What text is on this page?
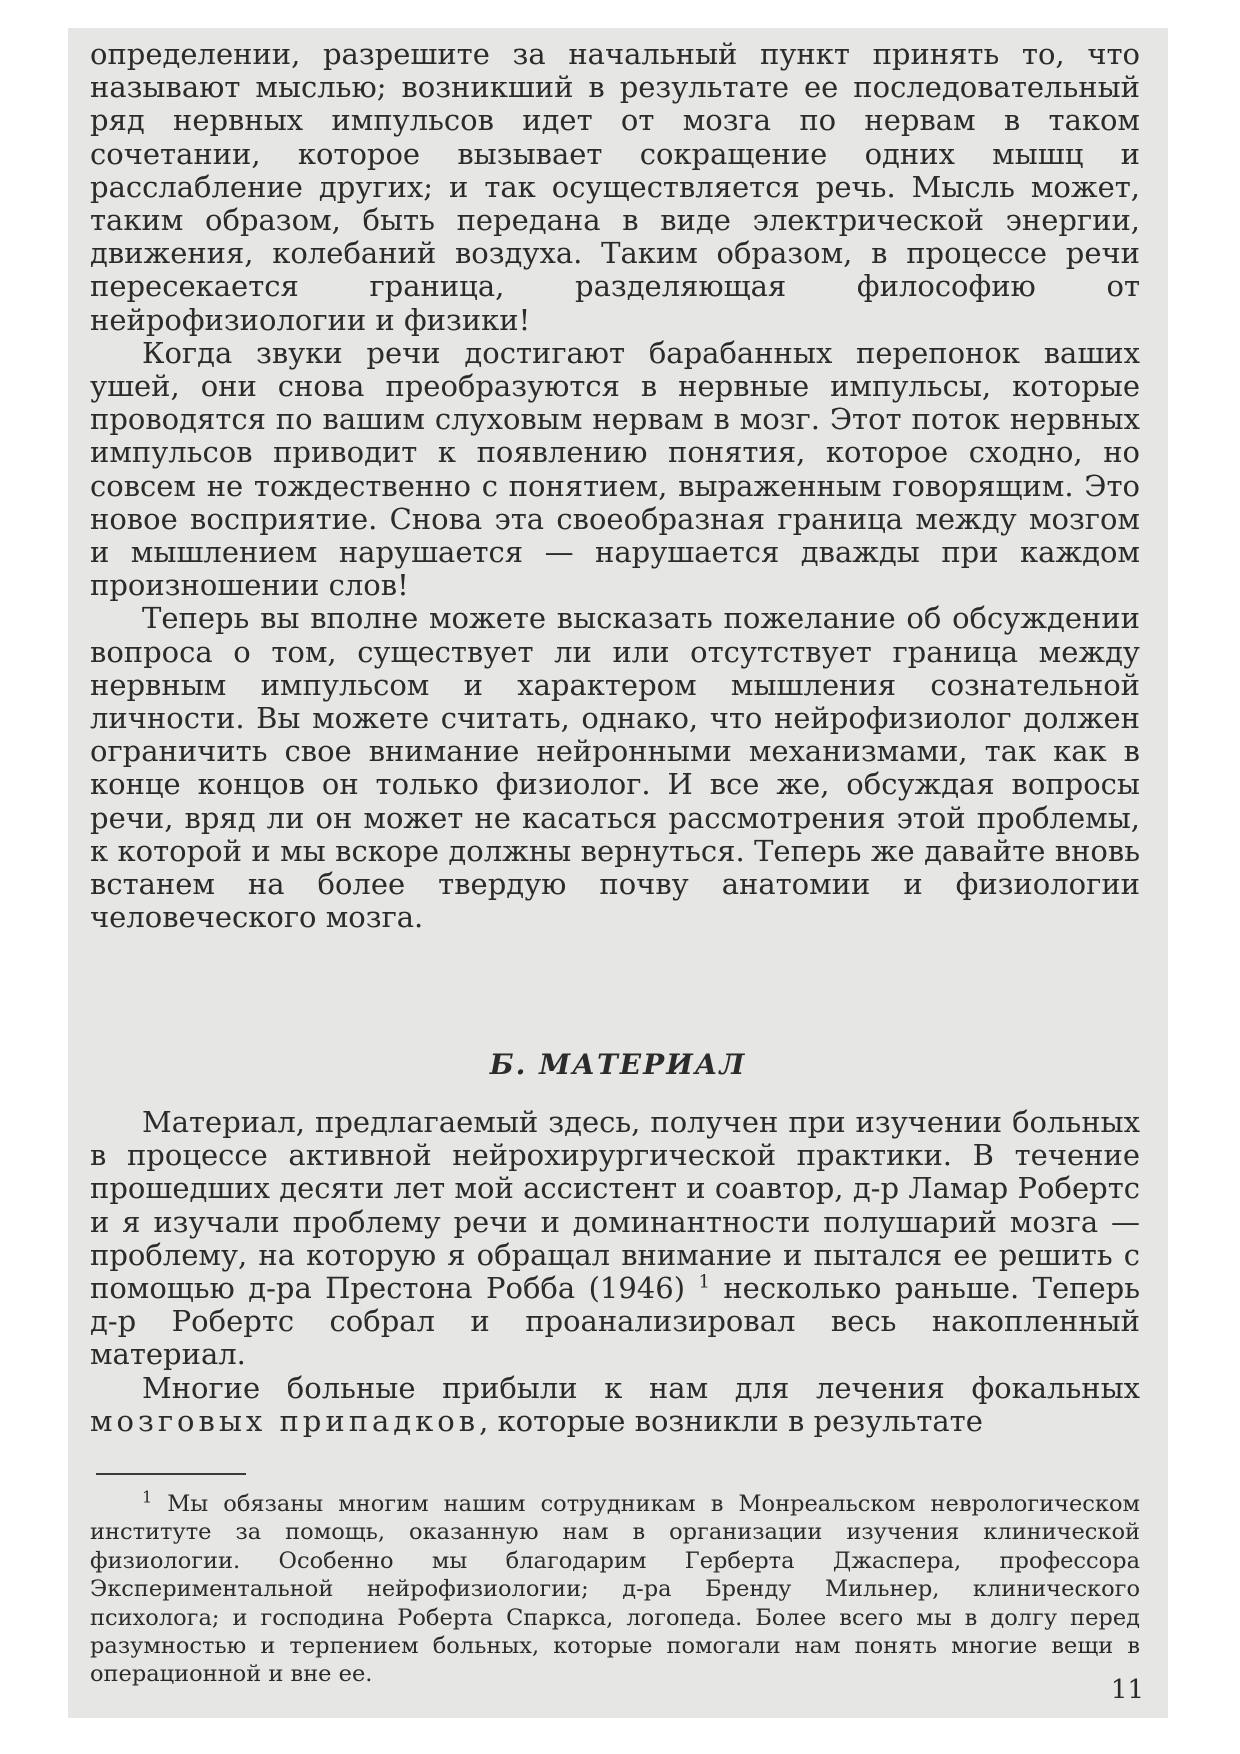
определении, разрешите за начальный пункт принять то, что называют мыслью; возникший в результате ее последовательный ряд нервных импульсов идет от мозга по нервам в таком сочетании, которое вызывает сокращение одних мышц и расслабление других; и так осуществляется речь. Мысль может, таким образом, быть передана в виде электрической энергии, движения, колебаний воздуха. Таким образом, в процессе речи пересекается граница, разделяющая философию от нейрофизиологии и физики!

Когда звуки речи достигают барабанных перепонок ваших ушей, они снова преобразуются в нервные импульсы, которые проводятся по вашим слуховым нервам в мозг. Этот поток нервных импульсов приводит к появлению понятия, которое сходно, но совсем не тождественно с понятием, выраженным говорящим. Это новое восприятие. Снова эта своеобразная граница между мозгом и мышлением нарушается — нарушается дважды при каждом произношении слов!

Теперь вы вполне можете высказать пожелание об обсуждении вопроса о том, существует ли или отсутствует граница между нервным импульсом и характером мышления сознательной личности. Вы можете считать, однако, что нейрофизиолог должен ограничить свое внимание нейронными механизмами, так как в конце концов он только физиолог. И все же, обсуждая вопросы речи, вряд ли он может не касаться рассмотрения этой проблемы, к которой и мы вскоре должны вернуться. Теперь же давайте вновь встанем на более твердую почву анатомии и физиологии человеческого мозга.

Б. МАТЕРИАЛ

Материал, предлагаемый здесь, получен при изучении больных в процессе активной нейрохирургической практики. В течение прошедших десяти лет мой ассистент и соавтор, д-р Ламар Робертс и я изучали проблему речи и доминантности полушарий мозга — проблему, на которую я обращал внимание и пытался ее решить с помощью д-ра Престона Робба (1946) $^1$ несколько раньше. Теперь д-р Робертс собрал и проанализировал весь накопленный материал.

Многие больные прибыли к нам для лечения фокальных мозговых припадков, которые возникли в результате

$^1$ Мы обязаны многим нашим сотрудникам в Монреальском неврологическом институте за помощь, оказанную нам в организации изучения клинической физиологии. Особенно мы благодарим Герберта Джаспера, профессора Экспериментальной нейрофизиологии; д-ра Бренду Мильнер, клинического психолога; и господина Роберта Спаркса, логопеда. Более всего мы в долгу перед разумностью и терпением больных, которые помогали нам понять многие вещи в операционной и вне ее.
11
